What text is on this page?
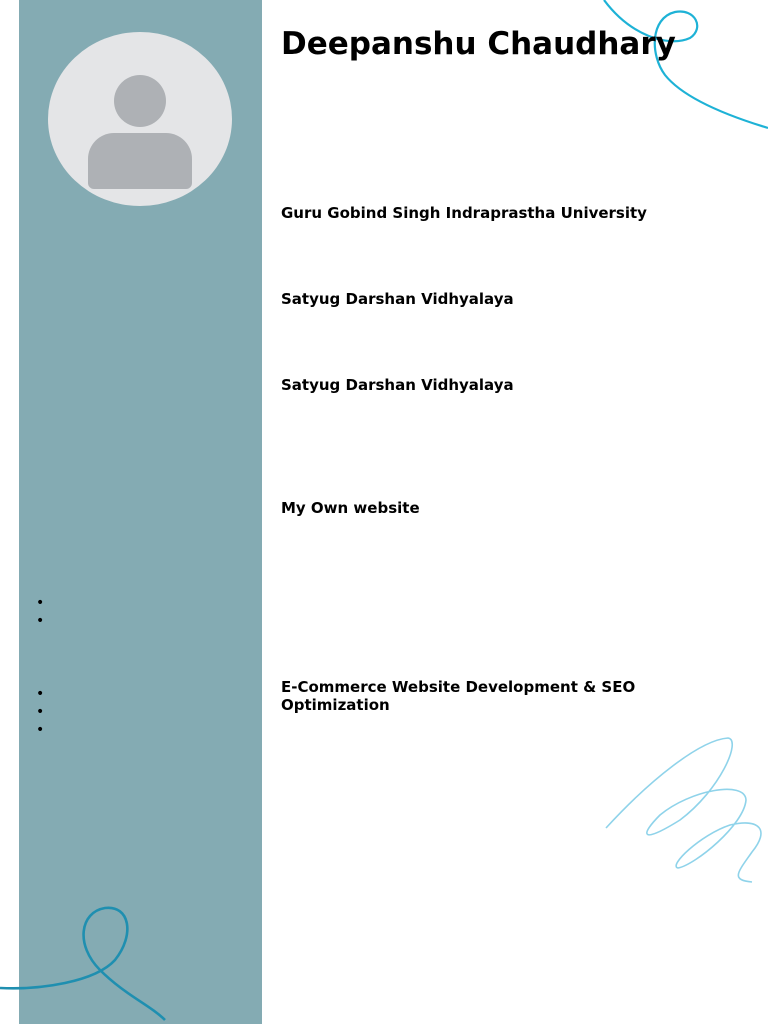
•
•
•
•
•
Deepanshu Chaudhary

Guru Gobind Singh Indraprastha University

Satyug Darshan Vidhyalaya

Satyug Darshan Vidhyalaya

My Own website

E-Commerce Website Development & SEO Optimization
